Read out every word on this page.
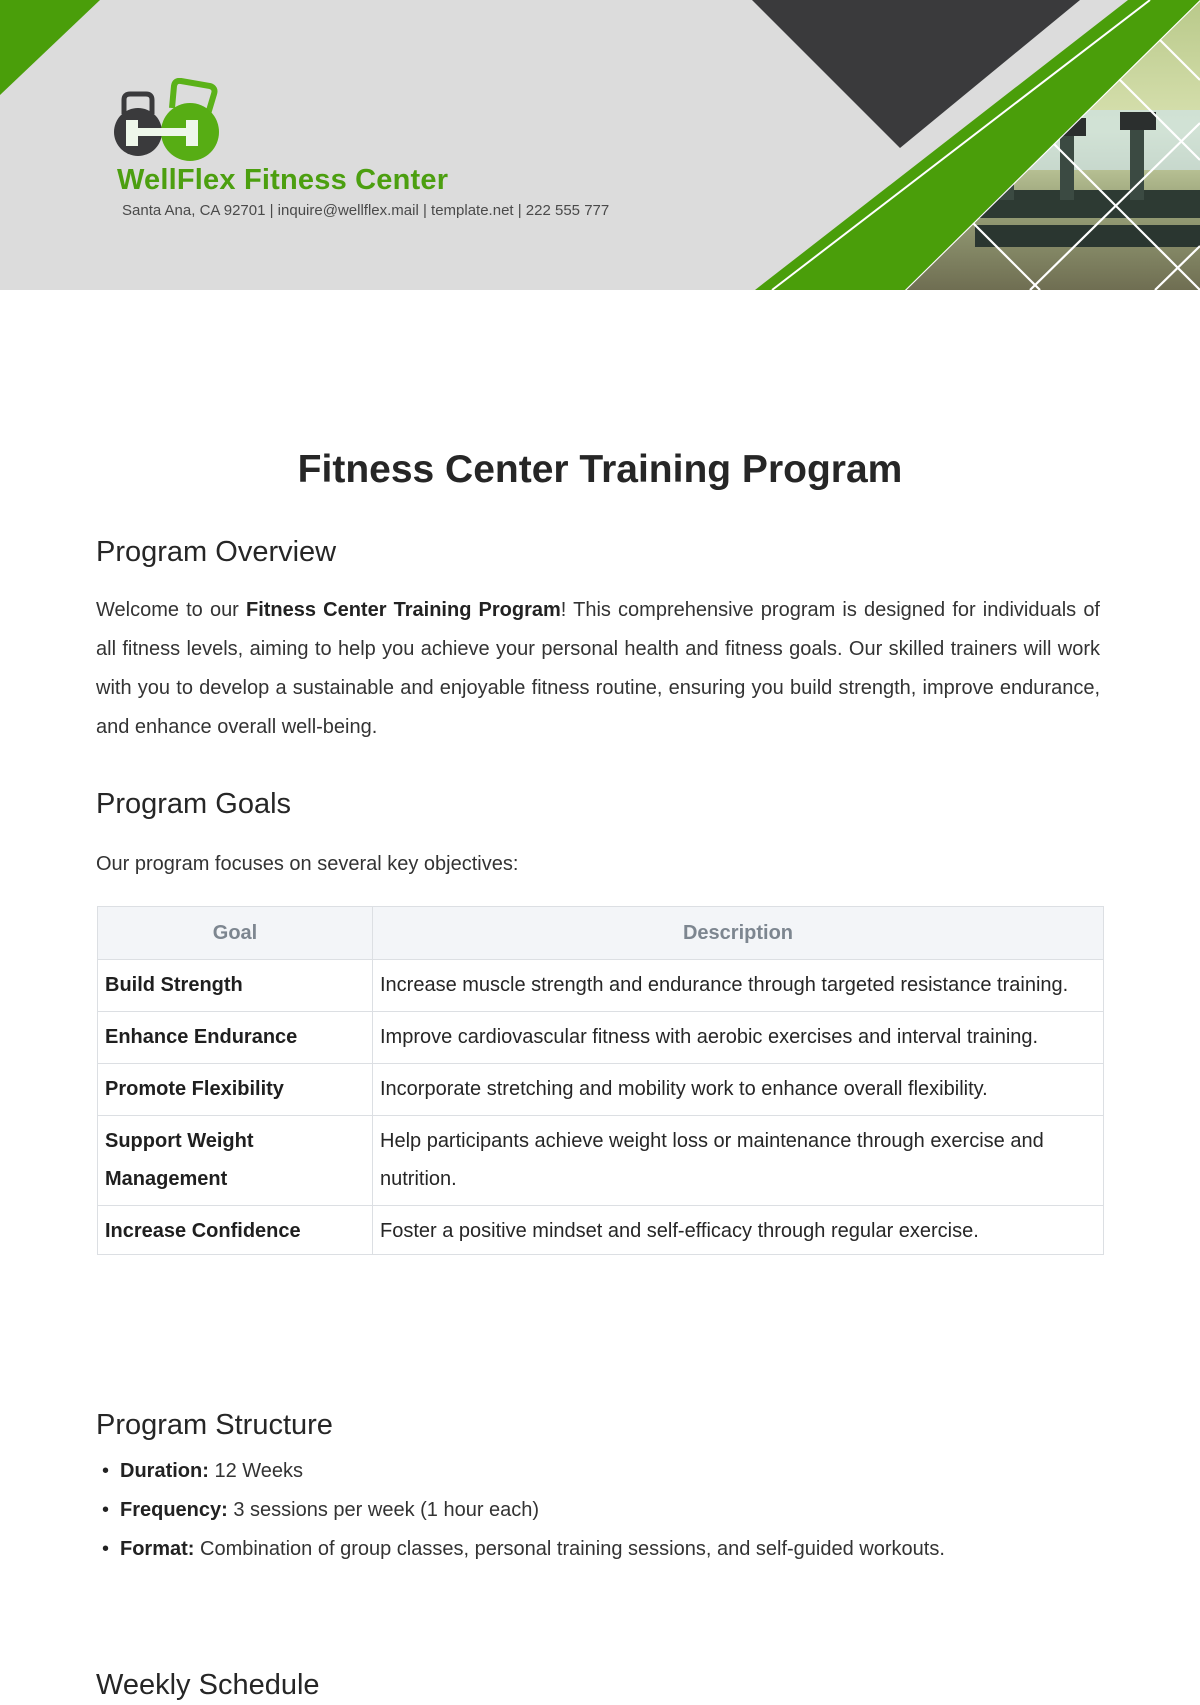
WellFlex Fitness Center
Santa Ana, CA 92701 | inquire@wellflex.mail | template.net | 222 555 777
Fitness Center Training Program
Program Overview

Welcome to our Fitness Center Training Program! This comprehensive program is designed for individuals of all fitness levels, aiming to help you achieve your personal health and fitness goals. Our skilled trainers will work with you to develop a sustainable and enjoyable fitness routine, ensuring you build strength, improve endurance, and enhance overall well-being.

Program Goals

Our program focuses on several key objectives:

Goal	Description
Build Strength	Increase muscle strength and endurance through targeted resistance training.
Enhance Endurance	Improve cardiovascular fitness with aerobic exercises and interval training.
Promote Flexibility	Incorporate stretching and mobility work to enhance overall flexibility.
Support Weight Management	Help participants achieve weight loss or maintenance through exercise and nutrition.
Increase Confidence	Foster a positive mindset and self-efficacy through regular exercise.
Program Structure
• Duration: 12 Weeks
• Frequency: 3 sessions per week (1 hour each)
• Format: Combination of group classes, personal training sessions, and self-guided workouts.
Weekly Schedule
